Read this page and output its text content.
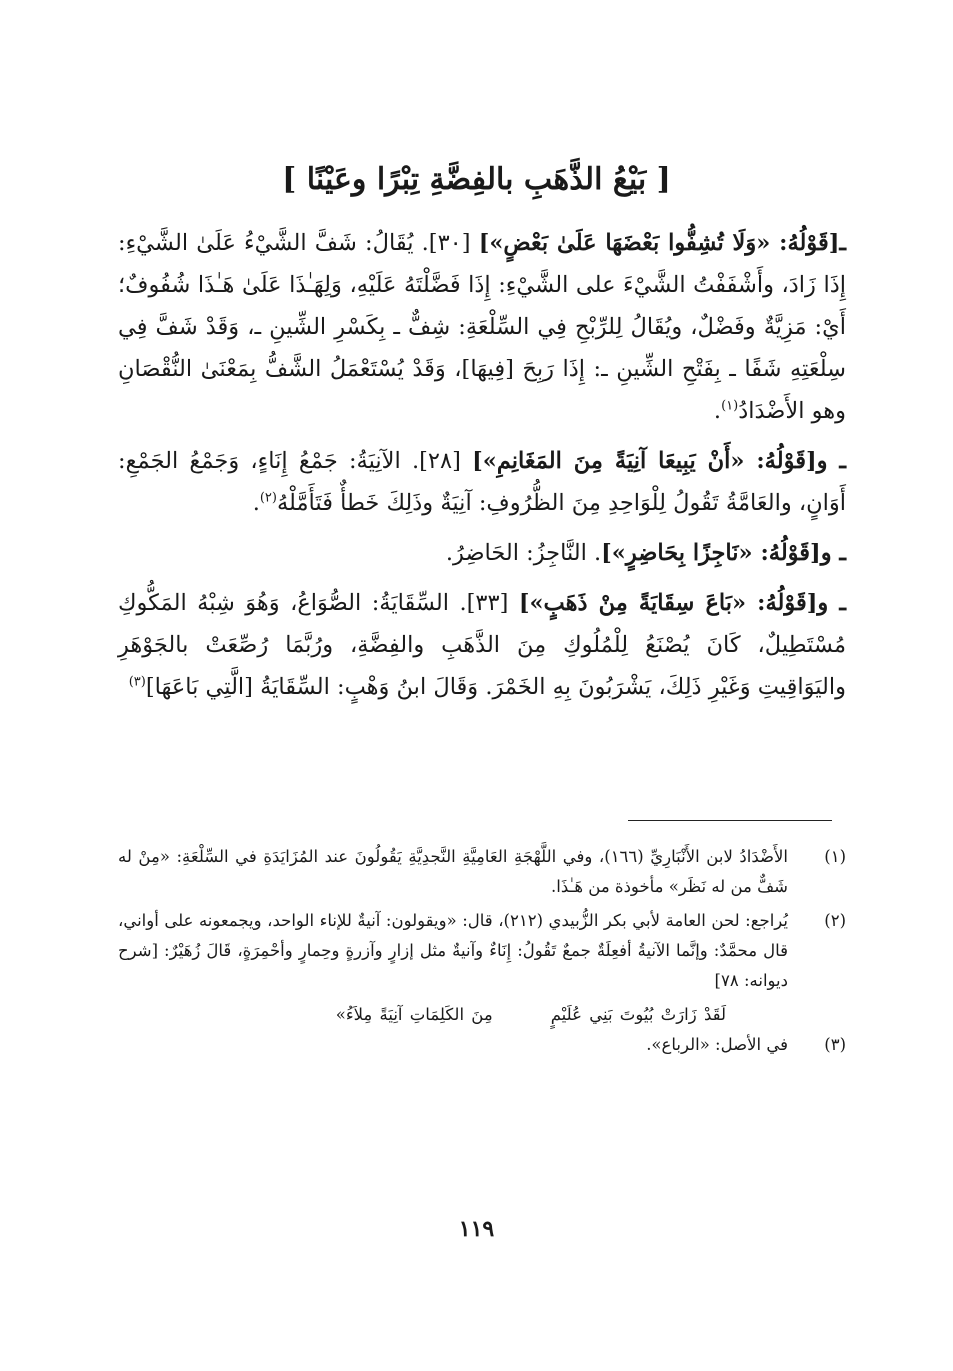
[ بَيْعُ الذَّهَبِ بالفِضَّةِ تِبْرًا وعَيْنًا ]

ـ[قَوْلُهُ: «وَلَا تُشِفُّوا بَعْضَهَا عَلَىٰ بَعْضٍ»] [٣٠]. يُقَالُ: شَفَّ الشَّيْءُ عَلَىٰ الشَّيْءِ: إِذَا زَادَ، وأَشْفَفْتُ الشَّيْءَ على الشَّيْءِ: إِذَا فَضَّلْتَهُ عَلَيْهِ، وَلِهَـٰذَا عَلَىٰ هَـٰذَا شُفُوفٌ؛ أَيْ: مَزِيَّةٌ وفَضْلٌ، ويُقَالُ لِلرِّبْحِ فِي السِّلْعَةِ: شِفٌّ ـ بِكَسْرِ الشِّينِ ـ، وَقَدْ شَفَّ فِي سِلْعَتِهِ شَفًا ـ بِفَتْحِ الشِّينِ ـ: إِذَا رَبِحَ [فِيهَا]، وَقَدْ يُسْتَعْمَلُ الشَّفُّ بِمَعْنَىٰ النُّقْصَانِ وهو الأَضْدَادُ$^{(١)}$.

ـ و[قَوْلُهُ: «أَنْ يَبِيعَا آنِيَةً مِنَ المَغَانِمِ»] [٢٨]. الآنِيَةُ: جَمْعُ إِنَاءٍ، وَجَمْعُ الجَمْعِ: أَوَانٍ، والعَامَّةُ تَقُولُ لِلْوَاحِدِ مِنَ الظُّرُوفِ: آنِيَةٌ وذَلِكَ خَطأٌ فَتَأَمَّلْهُ$^{(٢)}$.

ـ و[قَوْلُهُ: «نَاجِزًا بِحَاضِرٍ»]. النَّاجِزُ: الحَاضِرُ.

ـ و[قَوْلُهُ: «بَاعَ سِقَايَةً مِنْ ذَهَبٍ»] [٣٣]. السِّقَايَةُ: الصُّوَاعُ، وَهُوَ شِبْهُ المَكُّوكِ مُسْتَطِيلٌ، كَانَ يُصْنَعُ لِلْمُلُوكِ مِنَ الذَّهَبِ والفِضَّةِ، ورُبَّمَا رُصِّعَتْ بالجَوْهَرِ واليَوَاقِيتِ وَغَيْرِ ذَلِكَ، يَشْرَبُونَ بِهِ الخَمْرَ. وَقَالَ ابنُ وَهْبٍ: السِّقَايَةُ [الَّتِي بَاعَهَا]$^{(٣)}$

(١)
الأَضْدَادُ لابن الأَنْبَارِيِّ (١٦٦)، وفي اللَّهْجَةِ العَامِيَّةِ النَّجدِيَّةِ يَقُولُونَ عند المُزَايَدَةِ في السِّلْعَةِ: «مِنْ له شَفٌّ من له نَظَر» مأخوذة من هَـٰذَا.
(٢)
يُراجع: لحن العامة لأبي بكر الزُّبيدي (٢١٢)، قال: «ويقولون: آنيةٌ للإناء الواحد، ويجمعونه على أواني، قال محمَّدٌ: وإنَّما الآنيةُ أفعِلَةٌ جمعٌ تَقُولُ: إِنَاءٌ وآنيةٌ مثل إزارٍ وآزرةٍ وحِمارٍ وأحْمِرَةٍ، قَالَ زُهَيْرٌ: [شرح ديوانه: ٧٨]
لَقَدْ زَارَتْ بُيُوتَ بَنِي عُلَيْمٍمِنَ الكَلِمَاتِ آنِيَةً مِلاَءُ»
(٣)
في الأصل: «الرباع».
١١٩
